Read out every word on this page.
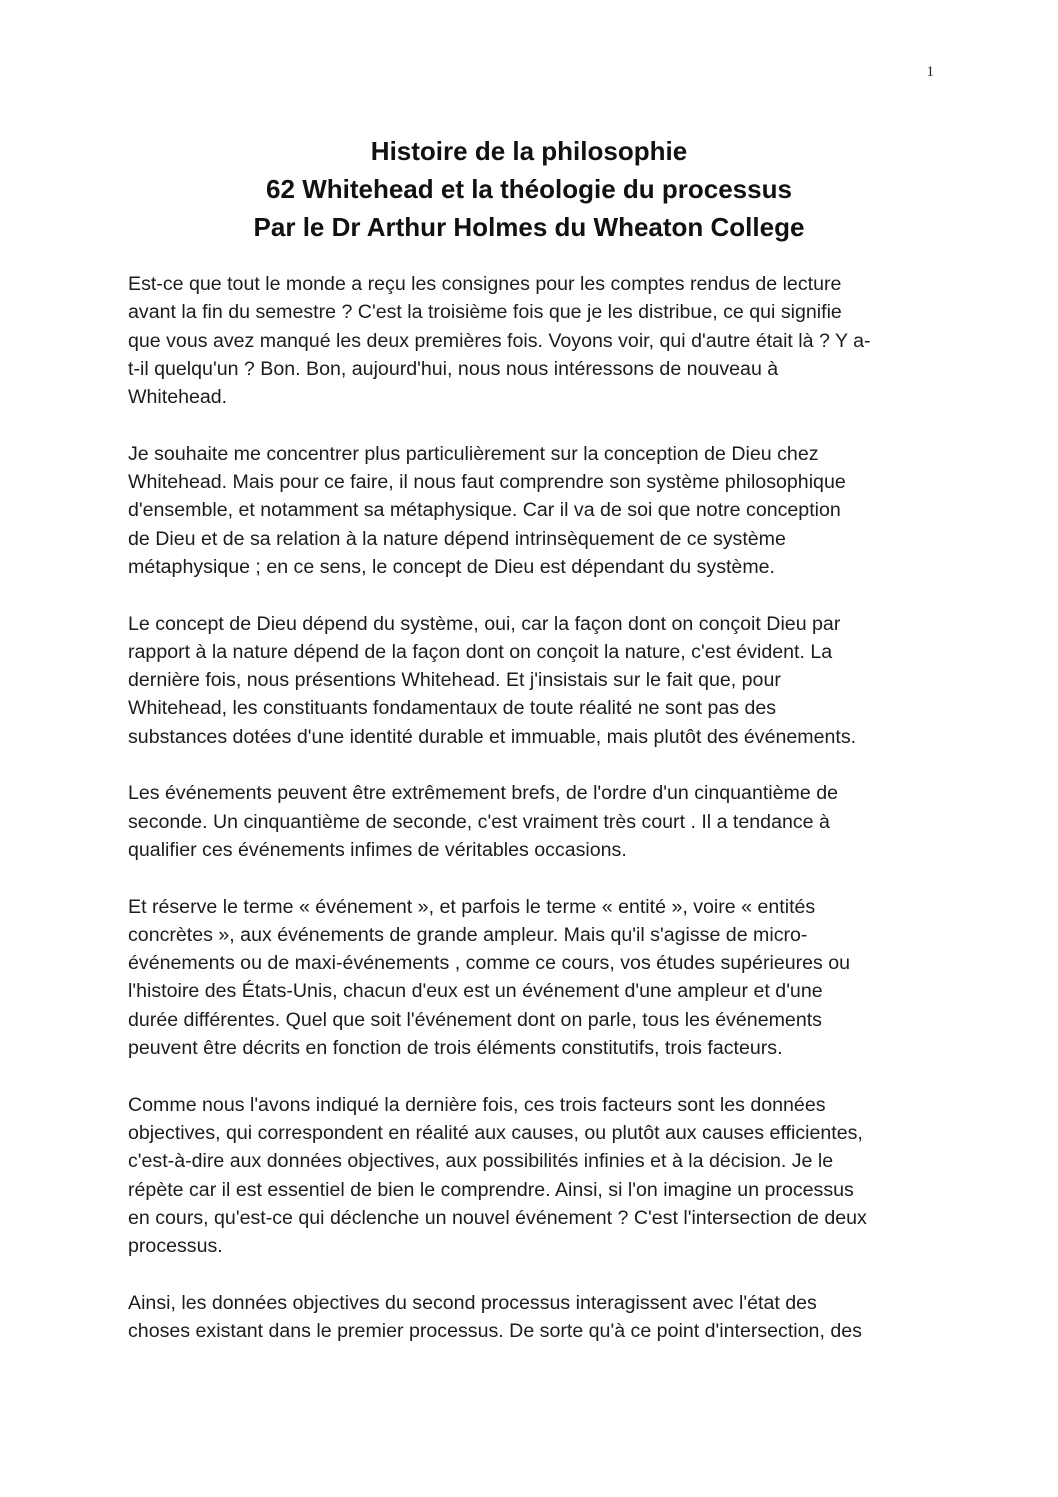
1
Histoire de la philosophie
62 Whitehead et la théologie du processus
Par le Dr Arthur Holmes du Wheaton College
Est-ce que tout le monde a reçu les consignes pour les comptes rendus de lecture
avant la fin du semestre ? C'est la troisième fois que je les distribue, ce qui signifie
que vous avez manqué les deux premières fois. Voyons voir, qui d'autre était là ? Y a-
t-il quelqu'un ? Bon. Bon, aujourd'hui, nous nous intéressons de nouveau à
Whitehead.
Je souhaite me concentrer plus particulièrement sur la conception de Dieu chez
Whitehead. Mais pour ce faire, il nous faut comprendre son système philosophique
d'ensemble, et notamment sa métaphysique. Car il va de soi que notre conception
de Dieu et de sa relation à la nature dépend intrinsèquement de ce système
métaphysique ; en ce sens, le concept de Dieu est dépendant du système.
Le concept de Dieu dépend du système, oui, car la façon dont on conçoit Dieu par
rapport à la nature dépend de la façon dont on conçoit la nature, c'est évident. La
dernière fois, nous présentions Whitehead. Et j'insistais sur le fait que, pour
Whitehead, les constituants fondamentaux de toute réalité ne sont pas des
substances dotées d'une identité durable et immuable, mais plutôt des événements.
Les événements peuvent être extrêmement brefs, de l'ordre d'un cinquantième de
seconde. Un cinquantième de seconde, c'est vraiment très court . Il a tendance à
qualifier ces événements infimes de véritables occasions.
Et réserve le terme « événement », et parfois le terme « entité », voire « entités
concrètes », aux événements de grande ampleur. Mais qu'il s'agisse de micro-
événements ou de maxi-événements , comme ce cours, vos études supérieures ou
l'histoire des États-Unis, chacun d'eux est un événement d'une ampleur et d'une
durée différentes. Quel que soit l'événement dont on parle, tous les événements
peuvent être décrits en fonction de trois éléments constitutifs, trois facteurs.
Comme nous l'avons indiqué la dernière fois, ces trois facteurs sont les données
objectives, qui correspondent en réalité aux causes, ou plutôt aux causes efficientes,
c'est-à-dire aux données objectives, aux possibilités infinies et à la décision. Je le
répète car il est essentiel de bien le comprendre. Ainsi, si l'on imagine un processus
en cours, qu'est-ce qui déclenche un nouvel événement ? C'est l'intersection de deux
processus.
Ainsi, les données objectives du second processus interagissent avec l'état des
choses existant dans le premier processus. De sorte qu'à ce point d'intersection, des
